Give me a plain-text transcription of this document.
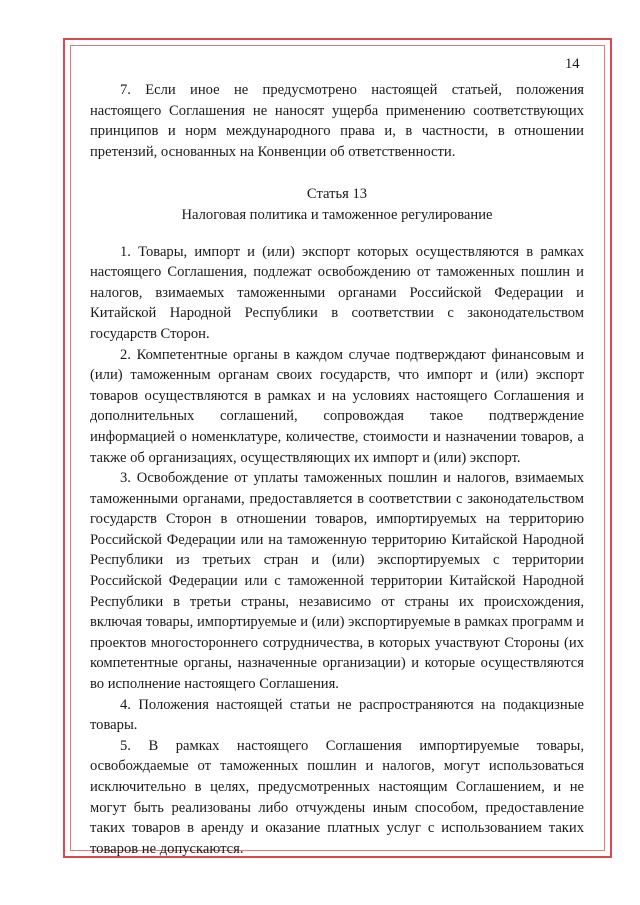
14

7. Если иное не предусмотрено настоящей статьей, положения настоящего Соглашения не наносят ущерба применению соответствующих принципов и норм международного права и, в частности, в отношении претензий, основанных на Конвенции об ответственности.

Статья 13
Налоговая политика и таможенное регулирование

1. Товары, импорт и (или) экспорт которых осуществляются в рамках настоящего Соглашения, подлежат освобождению от таможенных пошлин и налогов, взимаемых таможенными органами Российской Федерации и Китайской Народной Республики в соответствии с законодательством государств Сторон.

2. Компетентные органы в каждом случае подтверждают финансовым и (или) таможенным органам своих государств, что импорт и (или) экспорт товаров осуществляются в рамках и на условиях настоящего Соглашения и дополнительных соглашений, сопровождая такое подтверждение информацией о номенклатуре, количестве, стоимости и назначении товаров, а также об организациях, осуществляющих их импорт и (или) экспорт.

3. Освобождение от уплаты таможенных пошлин и налогов, взимаемых таможенными органами, предоставляется в соответствии с законодательством государств Сторон в отношении товаров, импортируемых на территорию Российской Федерации или на таможенную территорию Китайской Народной Республики из третьих стран и (или) экспортируемых с территории Российской Федерации или с таможенной территории Китайской Народной Республики в третьи страны, независимо от страны их происхождения, включая товары, импортируемые и (или) экспортируемые в рамках программ и проектов многостороннего сотрудничества, в которых участвуют Стороны (их компетентные органы, назначенные организации) и которые осуществляются во исполнение настоящего Соглашения.

4. Положения настоящей статьи не распространяются на подакцизные товары.

5. В рамках настоящего Соглашения импортируемые товары, освобождаемые от таможенных пошлин и налогов, могут использоваться исключительно в целях, предусмотренных настоящим Соглашением, и не могут быть реализованы либо отчуждены иным способом, предоставление таких товаров в аренду и оказание платных услуг с использованием таких товаров не допускаются.
